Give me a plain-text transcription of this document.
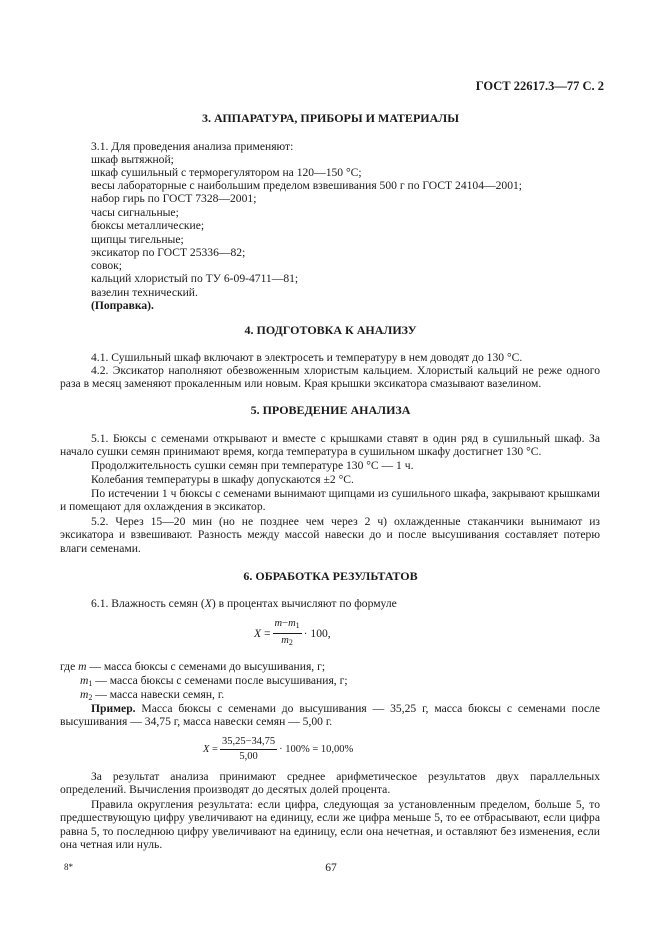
ГОСТ 22617.3—77 С. 2
3. АППАРАТУРА, ПРИБОРЫ И МАТЕРИАЛЫ
3.1. Для проведения анализа применяют:
шкаф вытяжной;
шкаф сушильный с терморегулятором на 120—150 °С;
весы лабораторные с наибольшим пределом взвешивания 500 г по ГОСТ 24104—2001;
набор гирь по ГОСТ 7328—2001;
часы сигнальные;
бюксы металлические;
щипцы тигельные;
эксикатор по ГОСТ 25336—82;
совок;
кальций хлористый по ТУ 6-09-4711—81;
вазелин технический.
(Поправка).
4. ПОДГОТОВКА К АНАЛИЗУ
4.1. Сушильный шкаф включают в электросеть и температуру в нем доводят до 130 °С.
4.2. Эксикатор наполняют обезвоженным хлористым кальцием. Хлористый кальций не реже одного раза в месяц заменяют прокаленным или новым. Края крышки эксикатора смазывают вазелином.
5. ПРОВЕДЕНИЕ АНАЛИЗА
5.1. Бюксы с семенами открывают и вместе с крышками ставят в один ряд в сушильный шкаф. За начало сушки семян принимают время, когда температура в сушильном шкафу достигнет 130 °С.
Продолжительность сушки семян при температуре 130 °С — 1 ч.
Колебания температуры в шкафу допускаются ±2 °С.
По истечении 1 ч бюксы с семенами вынимают щипцами из сушильного шкафа, закрывают крышками и помещают для охлаждения в эксикатор.
5.2. Через 15—20 мин (но не позднее чем через 2 ч) охлажденные стаканчики вынимают из эксикатора и взвешивают. Разность между массой навески до и после высушивания составляет потерю влаги семенами.
6. ОБРАБОТКА РЕЗУЛЬТАТОВ
6.1. Влажность семян (X) в процентах вычисляют по формуле
X
= $\frac{m-m_1}{m_2} \cdot 100$,
где m — масса бюксы с семенами до высушивания, г;
$m_1$ — масса бюксы с семенами после высушивания, г;
$m_2$ — масса навески семян, г.
Пример. Масса бюксы с семенами до высушивания — 35,25 г, масса бюксы с семенами после высушивания — 34,75 г, масса навески семян — 5,00 г.
X
= $\frac{35,25-34,75}{5,00} \cdot 100\% = 10,00\%$
За результат анализа принимают среднее арифметическое результатов двух параллельных определений. Вычисления производят до десятых долей процента.
Правила округления результата: если цифра, следующая за установленным пределом, больше 5, то предшествующую цифру увеличивают на единицу, если же цифра меньше 5, то ее отбрасывают, если цифра равна 5, то последнюю цифру увеличивают на единицу, если она нечетная, и оставляют без изменения, если она четная или нуль.
8*	67
